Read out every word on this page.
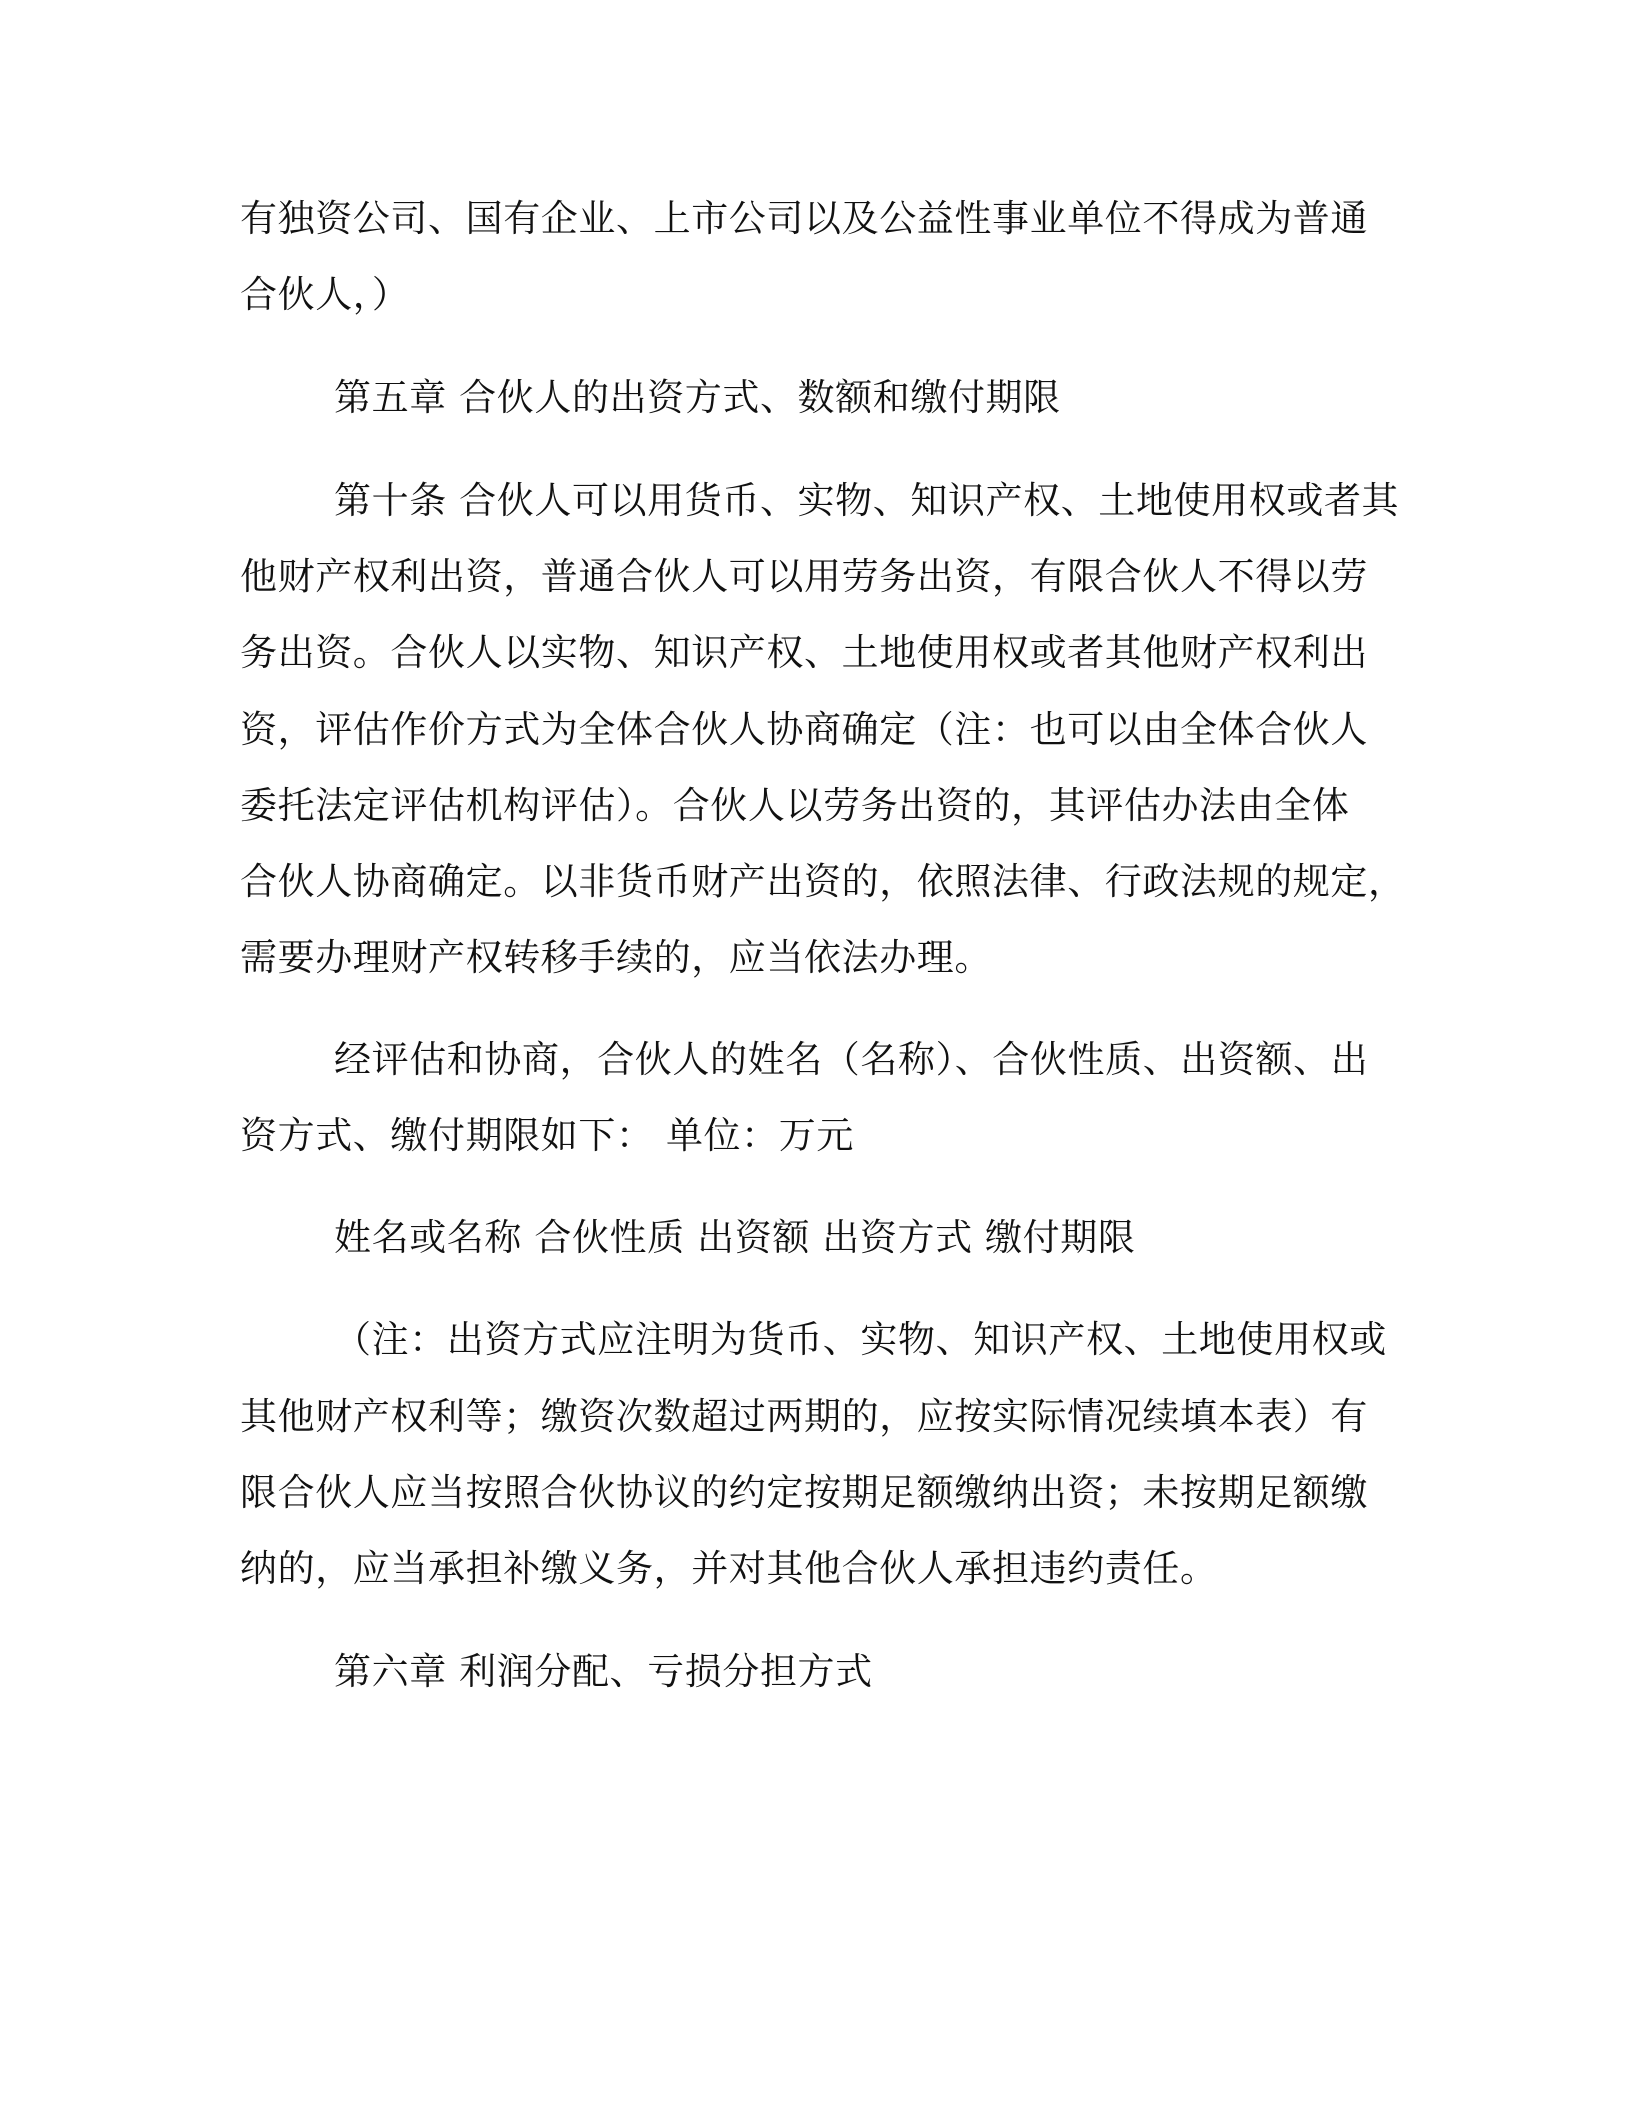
有独资公司、国有企业、上市公司以及公益性事业单位不得成为普通
合伙人，）
第五章 合伙人的出资方式、数额和缴付期限
第十条 合伙人可以用货币、实物、知识产权、土地使用权或者其
他财产权利出资，普通合伙人可以用劳务出资，有限合伙人不得以劳
务出资。合伙人以实物、知识产权、土地使用权或者其他财产权利出
资，评估作价方式为全体合伙人协商确定（注：也可以由全体合伙人
委托法定评估机构评估）。合伙人以劳务出资的，其评估办法由全体
合伙人协商确定。以非货币财产出资的，依照法律、行政法规的规定，
需要办理财产权转移手续的，应当依法办理。
经评估和协商，合伙人的姓名（名称）、合伙性质、出资额、出
资方式、缴付期限如下： 单位：万元
姓名或名称 合伙性质 出资额 出资方式 缴付期限
（注：出资方式应注明为货币、实物、知识产权、土地使用权或
其他财产权利等；缴资次数超过两期的，应按实际情况续填本表）有
限合伙人应当按照合伙协议的约定按期足额缴纳出资；未按期足额缴
纳的，应当承担补缴义务，并对其他合伙人承担违约责任。
第六章 利润分配、亏损分担方式
